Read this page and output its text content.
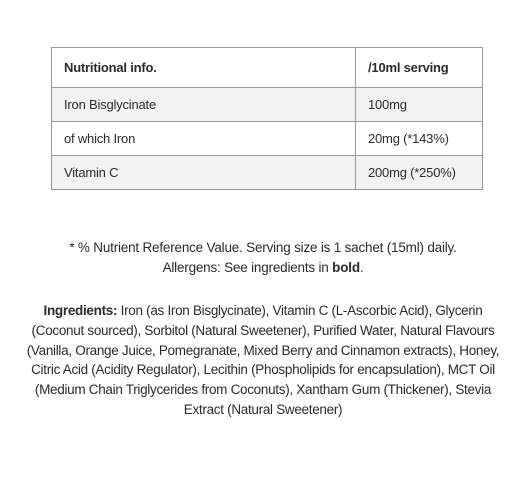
Nutritional info.	/10ml serving
Iron Bisglycinate	100mg
of which Iron	20mg (*143%)
Vitamin C	200mg (*250%)

* % Nutrient Reference Value. Serving size is 1 sachet (15ml) daily.

Allergens: See ingredients in bold.

Ingredients: Iron (as Iron Bisglycinate), Vitamin C (L-Ascorbic Acid), Glycerin (Coconut sourced), Sorbitol (Natural Sweetener), Purified Water, Natural Flavours (Vanilla, Orange Juice, Pomegranate, Mixed Berry and Cinnamon extracts), Honey, Citric Acid (Acidity Regulator), Lecithin (Phospholipids for encapsulation), MCT Oil (Medium Chain Triglycerides from Coconuts), Xantham Gum (Thickener), Stevia Extract (Natural Sweetener)
